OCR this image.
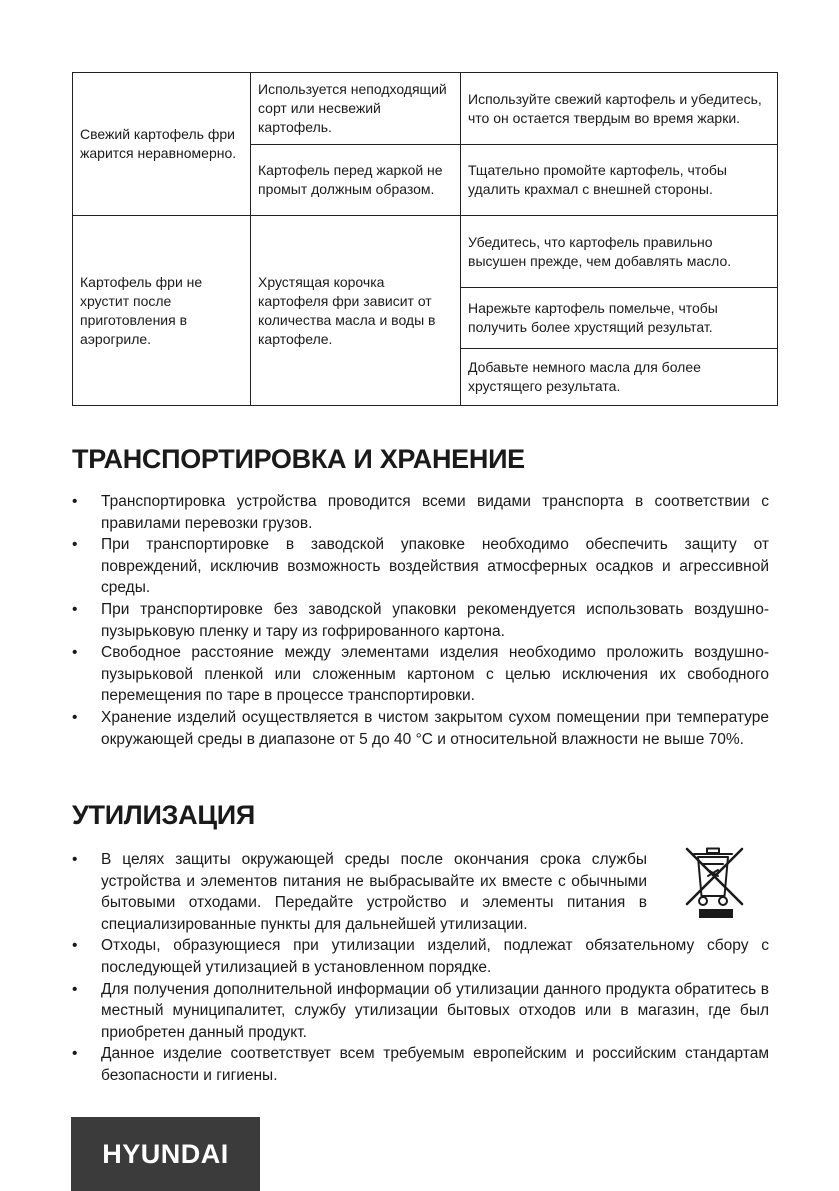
Свежий картофель фри жарится неравномерно.	Используется неподходящий сорт или несвежий картофель.	Используйте свежий картофель и убедитесь, что он остается твердым во время жарки.
	Картофель перед жаркой не промыт должным образом.	Тщательно промойте картофель, чтобы удалить крахмал с внешней стороны.
Картофель фри не хрустит после приготовления в аэрогриле.	Хрустящая корочка картофеля фри зависит от количества масла и воды в картофеле.	Убедитесь, что картофель правильно высушен прежде, чем добавлять масло.
		Нарежьте картофель помельче, чтобы получить более хрустящий результат.
		Добавьте немного масла для более хрустящего результата.
ТРАНСПОРТИРОВКА И ХРАНЕНИЕ
• Транспортировка устройства проводится всеми видами транспорта в соответствии с правилами перевозки грузов.
• При транспортировке в заводской упаковке необходимо обеспечить защиту от повреждений, исключив возможность воздействия атмосферных осадков и агрессивной среды.
• При транспортировке без заводской упаковки рекомендуется использовать воздушно-пузырьковую пленку и тару из гофрированного картона.
• Свободное расстояние между элементами изделия необходимо проложить воздушно-пузырьковой пленкой или сложенным картоном с целью исключения их свободного перемещения по таре в процессе транспортировки.
• Хранение изделий осуществляется в чистом закрытом сухом помещении при температуре окружающей среды в диапазоне от 5 до 40 °С и относительной влажности не выше 70%.
УТИЛИЗАЦИЯ
• В целях защиты окружающей среды после окончания срока службы устройства и элементов питания не выбрасывайте их вместе с обычными бытовыми отходами. Передайте устройство и элементы питания в специализированные пункты для дальнейшей утилизации.
• Отходы, образующиеся при утилизации изделий, подлежат обязательному сбору с последующей утилизацией в установленном порядке.
• Для получения дополнительной информации об утилизации данного продукта обратитесь в местный муниципалитет, службу утилизации бытовых отходов или в магазин, где был приобретен данный продукт.
• Данное изделие соответствует всем требуемым европейским и российским стандартам безопасности и гигиены.
HYUNDAI
